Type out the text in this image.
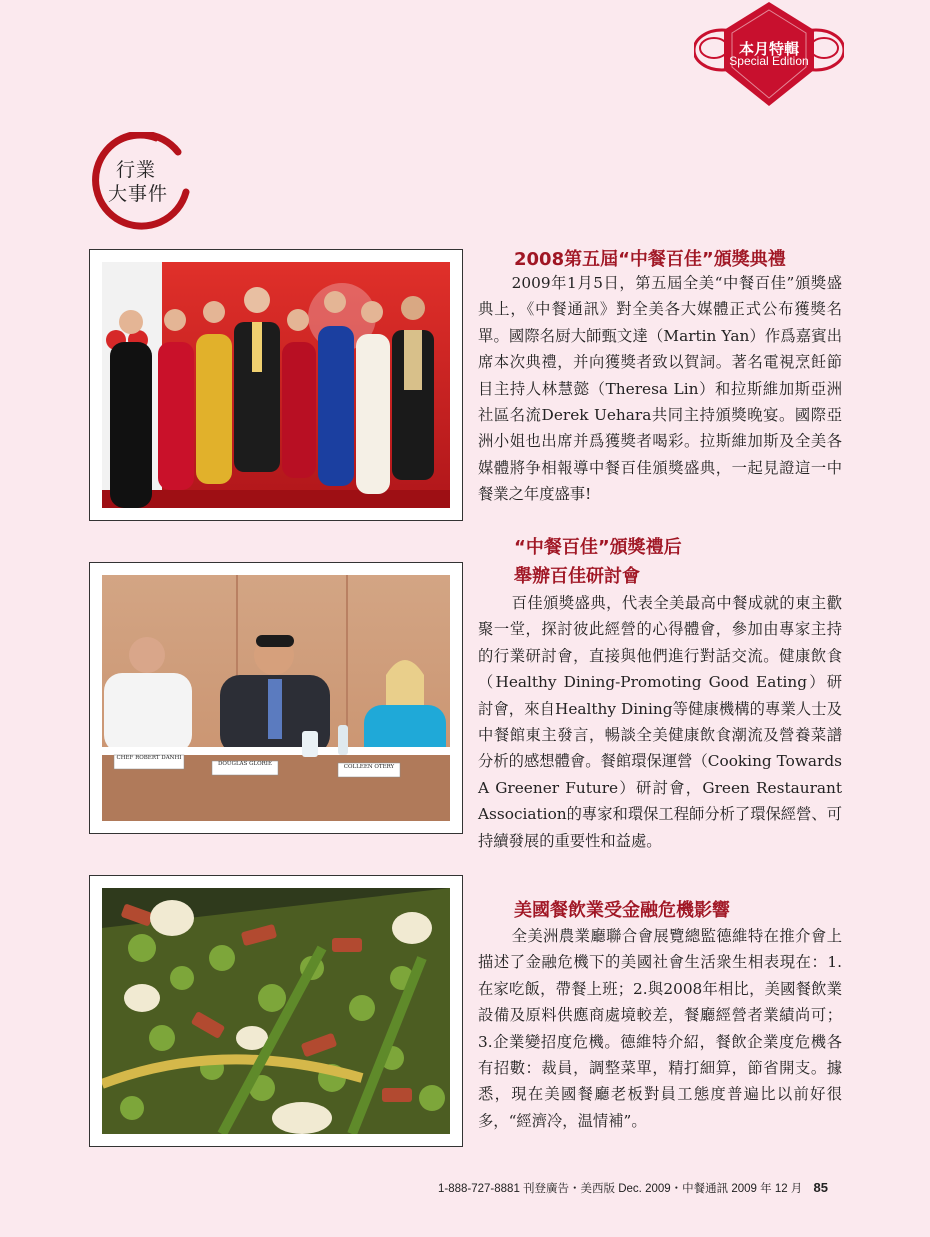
本月特輯
Special Edition
行業
大事件
2008第五屆“中餐百佳”頒獎典禮

2009年1月5日，第五屆全美“中餐百佳”頒獎盛典上，《中餐通訊》對全美各大媒體正式公布獲獎名單。國際名厨大師甄文達（Martin Yan）作爲嘉賓出席本次典禮，并向獲獎者致以賀詞。著名電視烹飪節目主持人林慧懿（Theresa Lin）和拉斯維加斯亞洲社區名流Derek Uehara共同主持頒獎晚宴。國際亞洲小姐也出席并爲獲獎者喝彩。拉斯維加斯及全美各媒體將争相報導中餐百佳頒獎盛典，一起見證這一中餐業之年度盛事!

CHEF ROBERT DANHI
DOUGLAS GLORIE	COLLEEN OTERY
“中餐百佳”頒獎禮后
舉辦百佳研討會

百佳頒獎盛典，代表全美最高中餐成就的東主歡聚一堂，探討彼此經營的心得體會，參加由專家主持的行業研討會，直接與他們進行對話交流。健康飲食（Healthy Dining-Promoting Good Eating）研討會，來自Healthy Dining等健康機構的專業人士及中餐館東主發言，暢談全美健康飲食潮流及營養菜譜分析的感想體會。餐館環保運營（Cooking Towards A Greener Future）研討會，Green Restaurant Association的專家和環保工程師分析了環保經營、可持續發展的重要性和益處。

美國餐飲業受金融危機影響

全美洲農業廳聯合會展覽總監德維特在推介會上描述了金融危機下的美國社會生活衆生相表現在：1.在家吃飯，帶餐上班；2.與2008年相比，美國餐飲業設備及原料供應商處境較差，餐廳經營者業績尚可；3.企業變招度危機。德維特介紹，餐飲企業度危機各有招數：裁員，調整菜單，精打細算，節省開支。據悉，現在美國餐廳老板對員工態度普遍比以前好很多，“經濟冷，温情補”。

1-888-727-8881 刊登廣告・美西版 Dec. 2009・中餐通訊 2009 年 12 月 85
